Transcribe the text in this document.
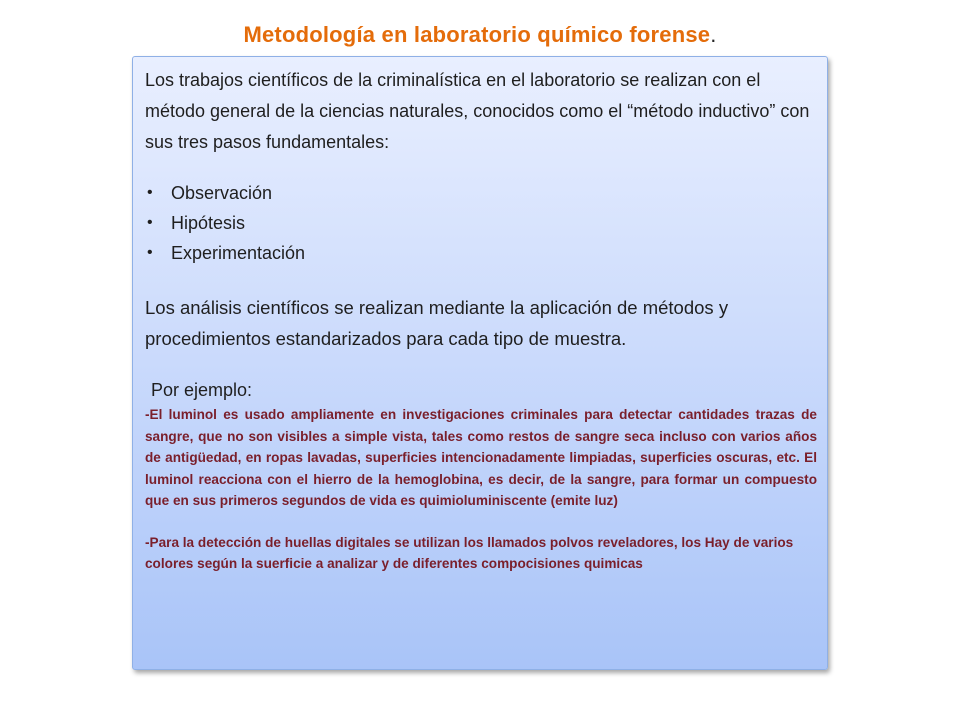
Metodología en laboratorio químico forense.

Los trabajos científicos de la criminalística en el laboratorio se realizan con el método general de la ciencias naturales, conocidos como el “método inductivo” con sus tres pasos fundamentales:

• Observación
• Hipótesis
• Experimentación

Los análisis científicos se realizan mediante la aplicación de métodos y procedimientos estandarizados para cada tipo de muestra.

Por ejemplo:

-El luminol es usado ampliamente en investigaciones criminales para detectar cantidades trazas de sangre, que no son visibles a simple vista, tales como restos de sangre seca incluso con varios años de antigüedad, en ropas lavadas, superficies intencionadamente limpiadas, superficies oscuras, etc. El luminol reacciona con el hierro de la hemoglobina, es decir, de la sangre, para formar un compuesto que en sus primeros segundos de vida es quimioluminiscente (emite luz)

-Para la detección de huellas digitales se utilizan los llamados polvos reveladores, los Hay de varios colores según la suerficie a analizar y de diferentes compocisiones quimicas
